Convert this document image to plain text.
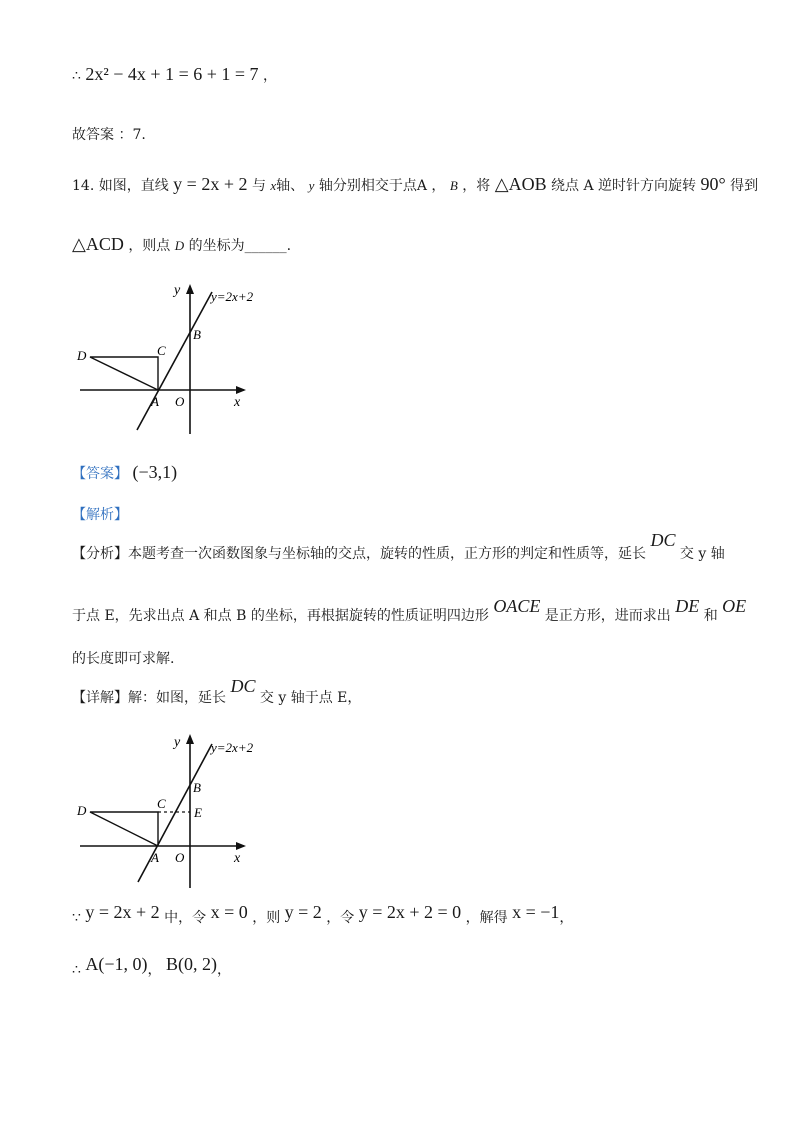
∴ 2x² − 4x + 1 = 6 + 1 = 7 ，
故答案 ：7.
14. 如图，直线 y = 2x + 2 与 x轴、 y 轴分别相交于点A ， B ，将 △AOB 绕点 A 逆时针方向旋转 90° 得到
△ACD ，则点 D 的坐标为______.
y=2x+2
y
x
B
C
D
A O
【答案】 (−3,1)
【解析】
【分析】本题考查一次函数图象与坐标轴的交点，旋转的性质，正方形的判定和性质等，延长 DC 交 y 轴
于点 E，先求出点 A 和点 B 的坐标，再根据旋转的性质证明四边形 OACE 是正方形，进而求出 DE 和 OE
的长度即可求解.
【详解】解：如图，延长 DC 交 y 轴于点 E，
y=2x+2
y
x
B
C
D
A O
E
∵ y = 2x + 2 中，令 x = 0 ，则 y = 2 ，令 y = 2x + 2 = 0 ，解得 x = −1，
∴ A(−1, 0)， B(0, 2)，
